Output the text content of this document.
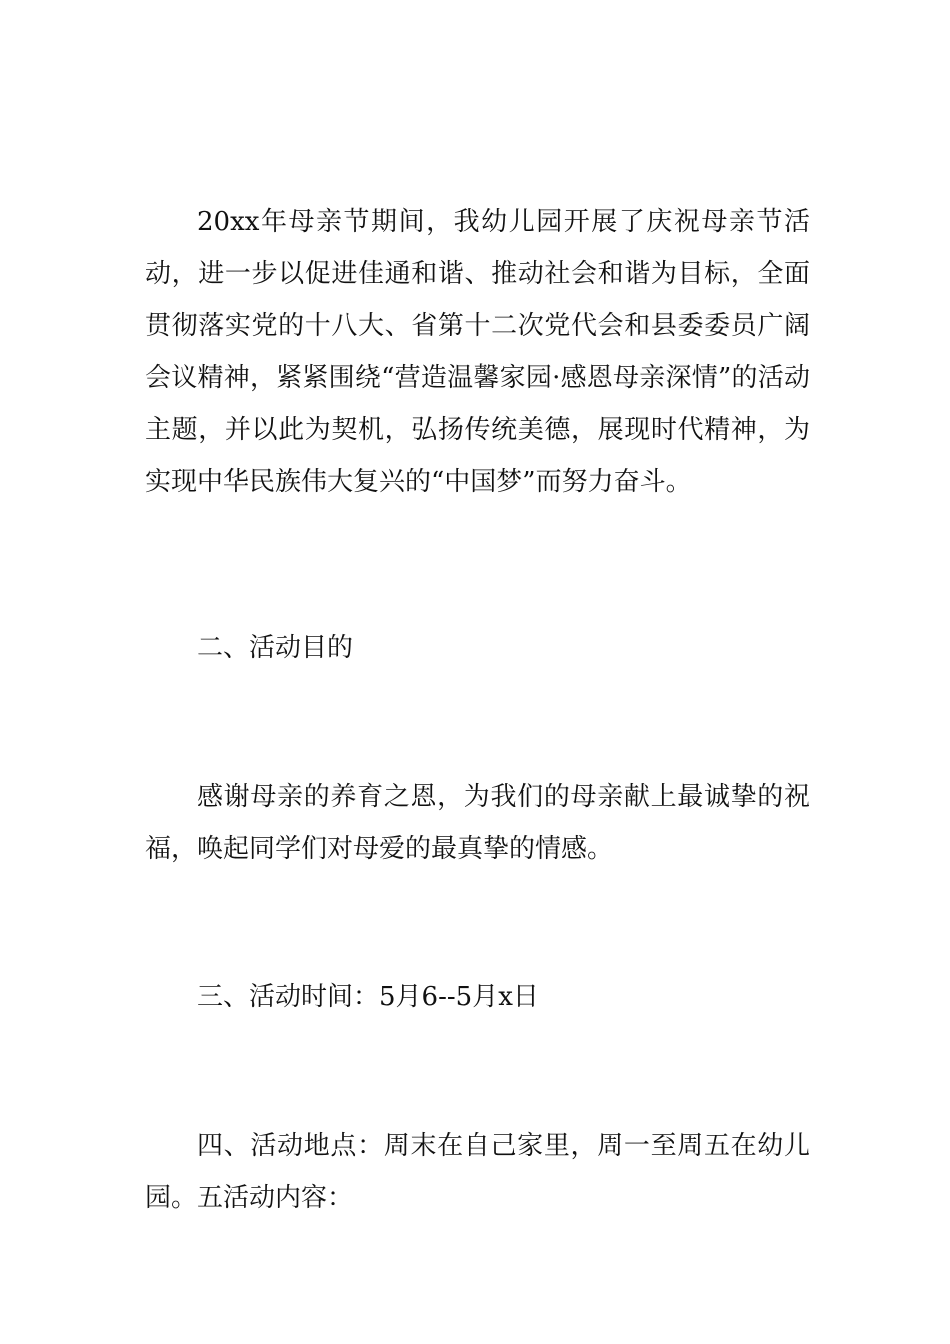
20xx年母亲节期间，我幼儿园开展了庆祝母亲节活动，进一步以促进佳通和谐、推动社会和谐为目标，全面贯彻落实党的十八大、省第十二次党代会和县委委员广阔会议精神，紧紧围绕“营造温馨家园·感恩母亲深情”的活动主题，并以此为契机，弘扬传统美德，展现时代精神，为实现中华民族伟大复兴的“中国梦”而努力奋斗。

二、活动目的

感谢母亲的养育之恩，为我们的母亲献上最诚挚的祝福，唤起同学们对母爱的最真挚的情感。

三、活动时间：5月6--5月x日

四、活动地点：周末在自己家里，周一至周五在幼儿园。五活动内容：
